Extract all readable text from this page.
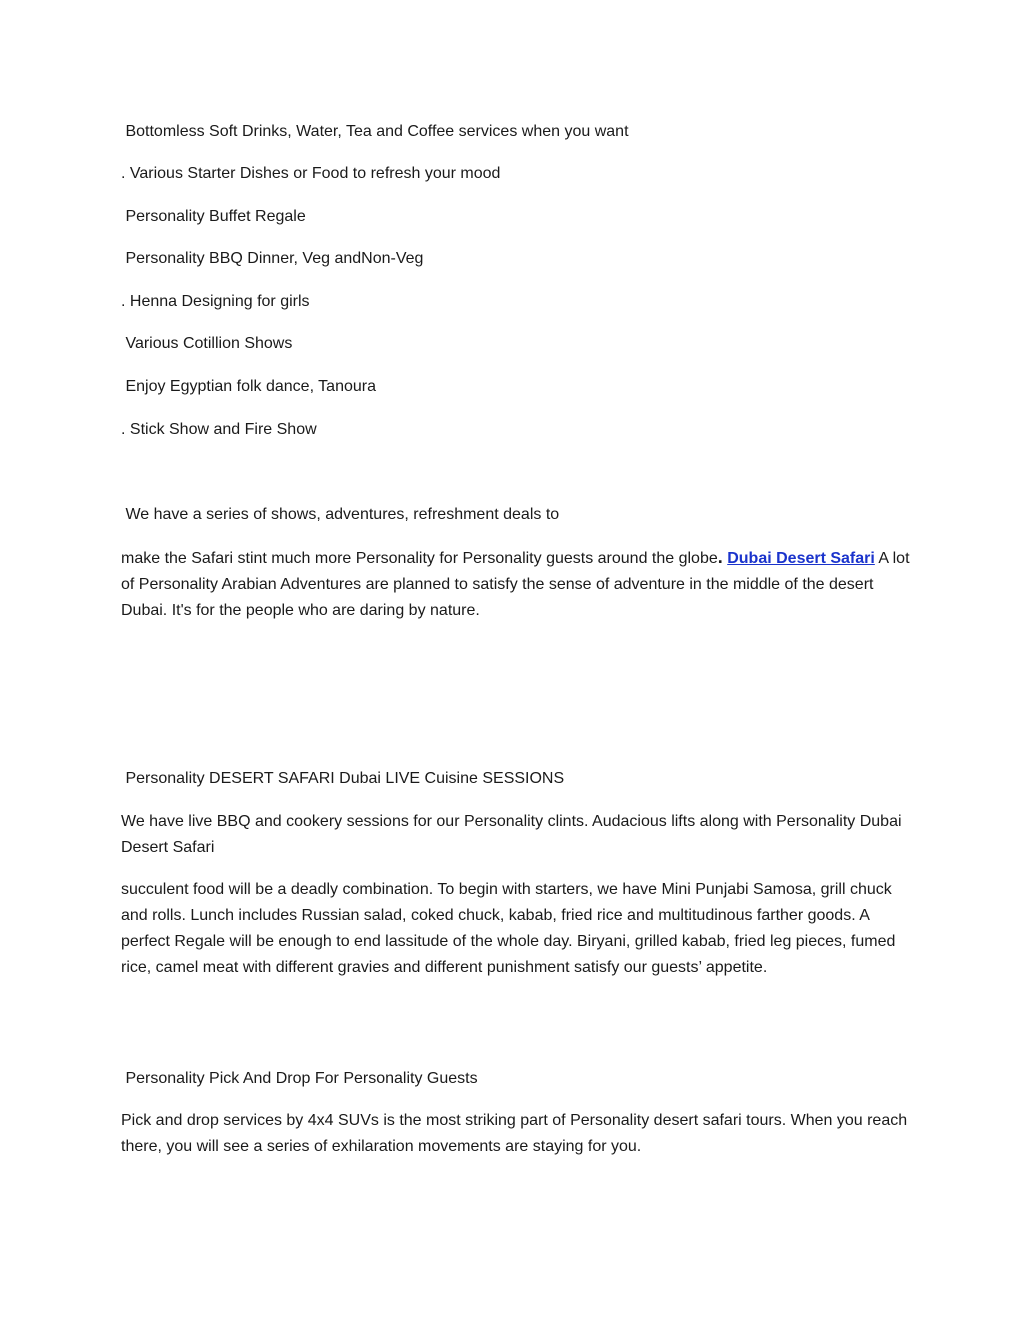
Bottomless Soft Drinks, Water, Tea and Coffee services when you want
. Various Starter Dishes or Food to refresh your mood
Personality Buffet Regale
Personality BBQ Dinner, Veg andNon-Veg
. Henna Designing for girls
Various Cotillion Shows
Enjoy Egyptian folk dance, Tanoura
. Stick Show and Fire Show
We have a series of shows, adventures, refreshment deals to
make the Safari stint much more Personality for Personality guests around the globe. Dubai Desert Safari A lot of Personality Arabian Adventures are planned to satisfy the sense of adventure in the middle of the desert Dubai. It's for the people who are daring by nature.
Personality DESERT SAFARI Dubai LIVE Cuisine SESSIONS
We have live BBQ and cookery sessions for our Personality clints. Audacious lifts along with Personality Dubai Desert Safari
succulent food will be a deadly combination. To begin with starters, we have Mini Punjabi Samosa, grill chuck and rolls. Lunch includes Russian salad, coked chuck, kabab, fried rice and multitudinous farther goods. A perfect Regale will be enough to end lassitude of the whole day. Biryani, grilled kabab, fried leg pieces, fumed rice, camel meat with different gravies and different punishment satisfy our guests’ appetite.
Personality Pick And Drop For Personality Guests
Pick and drop services by 4x4 SUVs is the most striking part of Personality desert safari tours. When you reach there, you will see a series of exhilaration movements are staying for you.
